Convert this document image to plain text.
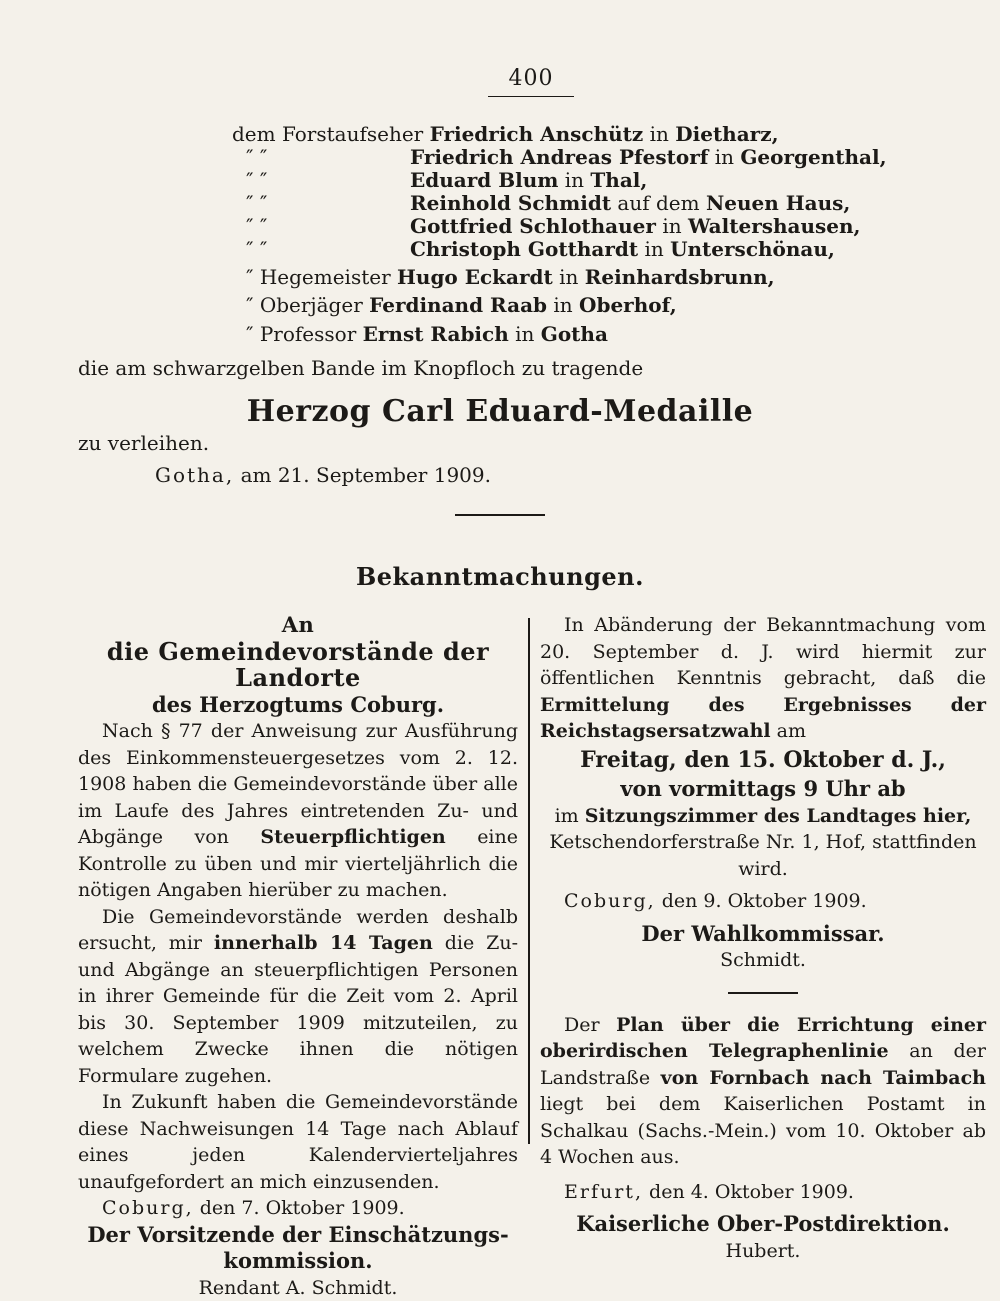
400
dem Forstaufseher Friedrich Anschütz in Dietharz,
″ ″	Friedrich Andreas Pfestorf in Georgenthal,
″ ″	Eduard Blum in Thal,
″ ″	Reinhold Schmidt auf dem Neuen Haus,
″ ″	Gottfried Schlothauer in Waltershausen,
″ ″	Christoph Gotthardt in Unterschönau,
″ Hegemeister Hugo Eckardt in Reinhardsbrunn,
″ Oberjäger Ferdinand Raab in Oberhof,
″ Professor Ernst Rabich in Gotha
die am schwarzgelben Bande im Knopfloch zu tragende
Herzog Carl Eduard-Medaille
zu verleihen.
Gotha, am 21. September 1909.
Bekanntmachungen.

An

die Gemeindevorstände der Landorte

des Herzogtums Coburg.

Nach § 77 der Anweisung zur Ausführung des Einkommensteuergesetzes vom 2. 12. 1908 haben die Gemeindevorstände über alle im Laufe des Jahres eintretenden Zu- und Abgänge von Steuerpflichtigen eine Kontrolle zu üben und mir vierteljährlich die nötigen Angaben hierüber zu machen.

Die Gemeindevorstände werden deshalb ersucht, mir innerhalb 14 Tagen die Zu- und Abgänge an steuerpflichtigen Personen in ihrer Gemeinde für die Zeit vom 2. April bis 30. September 1909 mitzuteilen, zu welchem Zwecke ihnen die nötigen Formulare zugehen.

In Zukunft haben die Gemeindevorstände diese Nachweisungen 14 Tage nach Ablauf eines jeden Kalendervierteljahres unaufgefordert an mich einzusenden.

Coburg, den 7. Oktober 1909.

Der Vorsitzende der Einschätzungs-

kommission.

Rendant A. Schmidt.

In Abänderung der Bekanntmachung vom 20. September d. J. wird hiermit zur öffentlichen Kenntnis gebracht, daß die Ermittelung des Ergebnisses der Reichstagsersatzwahl am

Freitag, den 15. Oktober d. J.,

von vormittags 9 Uhr ab

im Sitzungszimmer des Landtages hier,

Ketschendorferstraße Nr. 1, Hof, stattfinden wird.

Coburg, den 9. Oktober 1909.

Der Wahlkommissar.

Schmidt.

Der Plan über die Errichtung einer oberirdischen Telegraphenlinie an der Landstraße von Fornbach nach Taimbach liegt bei dem Kaiserlichen Postamt in Schalkau (Sachs.-Mein.) vom 10. Oktober ab 4 Wochen aus.

Erfurt, den 4. Oktober 1909.

Kaiserliche Ober-Postdirektion.

Hubert.
